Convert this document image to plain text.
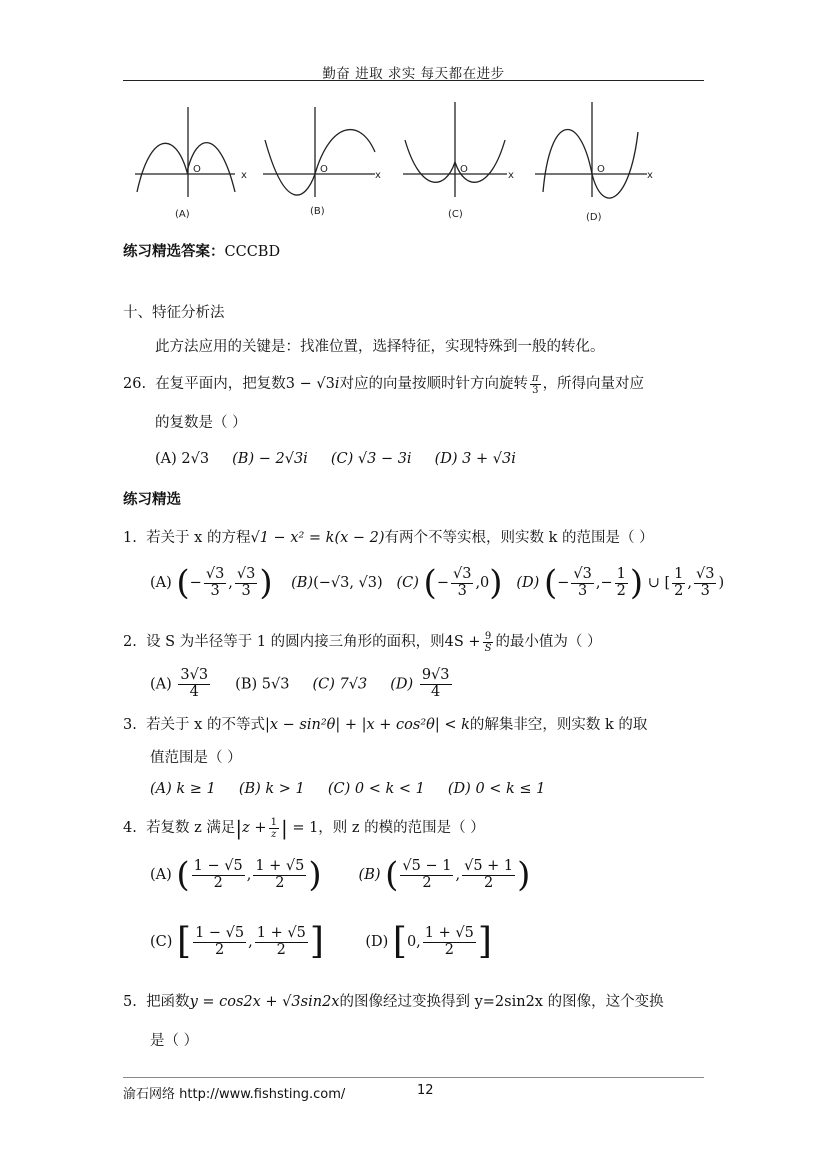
勤奋 进取 求实 每天都在进步
O
x
O
x
O
x
O
x
(A)	(B)	(C)	(D)
练习精选答案：CCCBD
十、特征分析法
此方法应用的关键是：找准位置，选择特征，实现特殊到一般的转化。
26. 在复平面内，把复数3 − √3i对应的向量按顺时针方向旋转 $\frac{\pi}{3}$ ，所得向量对应
的复数是（ ）
(A) 2√3 (B) − 2√3i (C) √3 − 3i (D) 3 + √3i
练习精选
1. 若关于 x 的方程√1 − x² = k(x − 2)有两个不等实根，则实数 k 的范围是（ ）
(A) (− $\frac{√3}{3}$ , $\frac{√3}{3}$ ) (B)(−√3, √3) (C) (− $\frac{√3}{3} ,0$) (D) (− $\frac{√3}{3}$ ,− $\frac{1}{2}$ ) ∪ [ $\frac{1}{2}$ , $\frac{√3}{3}$ )
2. 设 S 为半径等于 1 的圆内接三角形的面积，则$4S + \frac{9}{S}$ 的最小值为（ ）
$(A) \frac{3√3}{4} (B)$ 5√3 (C) 7√3 $(D) \frac{9√3}{4}$
3. 若关于 x 的不等式|x − sin²θ| + |x + cos²θ| < k的解集非空，则实数 k 的取
值范围是（ ）
(A) k ≥ 1 (B) k > 1 (C) 0 < k < 1 (D) 0 < k ≤ 1
4. 若复数 z 满足$|z + \frac{1}{z}$ | = 1，则 z 的模的范围是（ ）
(A) ( $\frac{1 - √5}{2}$ , $\frac{1 + √5}{2}$ )	(B) ( $\frac{√5 - 1}{2}$ , $\frac{√5 + 1}{2}$ )
(C) [ $\frac{1 - √5}{2}$ , $\frac{1 + √5}{2}$ ]	(D) [0, $\frac{1 + √5}{2}$ ]
5. 把函数y = cos2x + √3sin2x的图像经过变换得到 y=2sin2x 的图像，这个变换
是（ ）
渝石网络 http://www.fishsting.com/	12
